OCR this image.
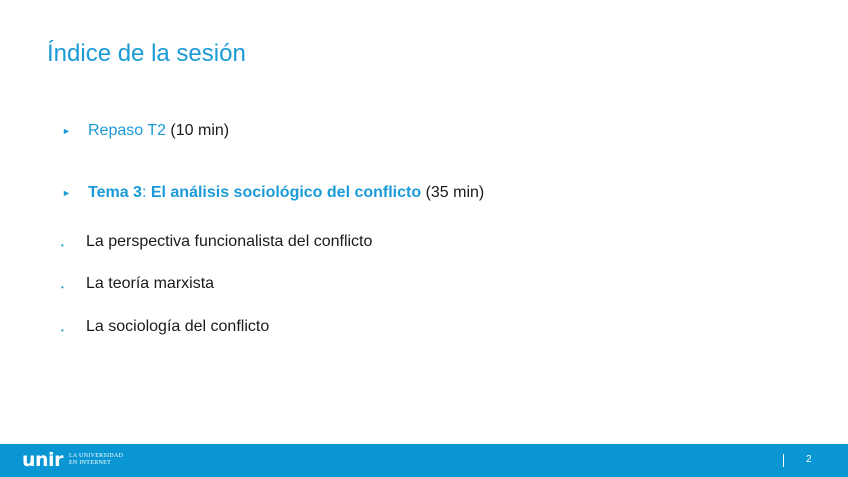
Índice de la sesión
►	Repaso T2 (10 min)
►	Tema 3 : El análisis sociológico del conflicto (35 min)
•	La perspectiva funcionalista del conflicto
•	La teoría marxista
•	La sociología del conflicto
unir LA UNIVERSIDAD
EN INTERNET	2
